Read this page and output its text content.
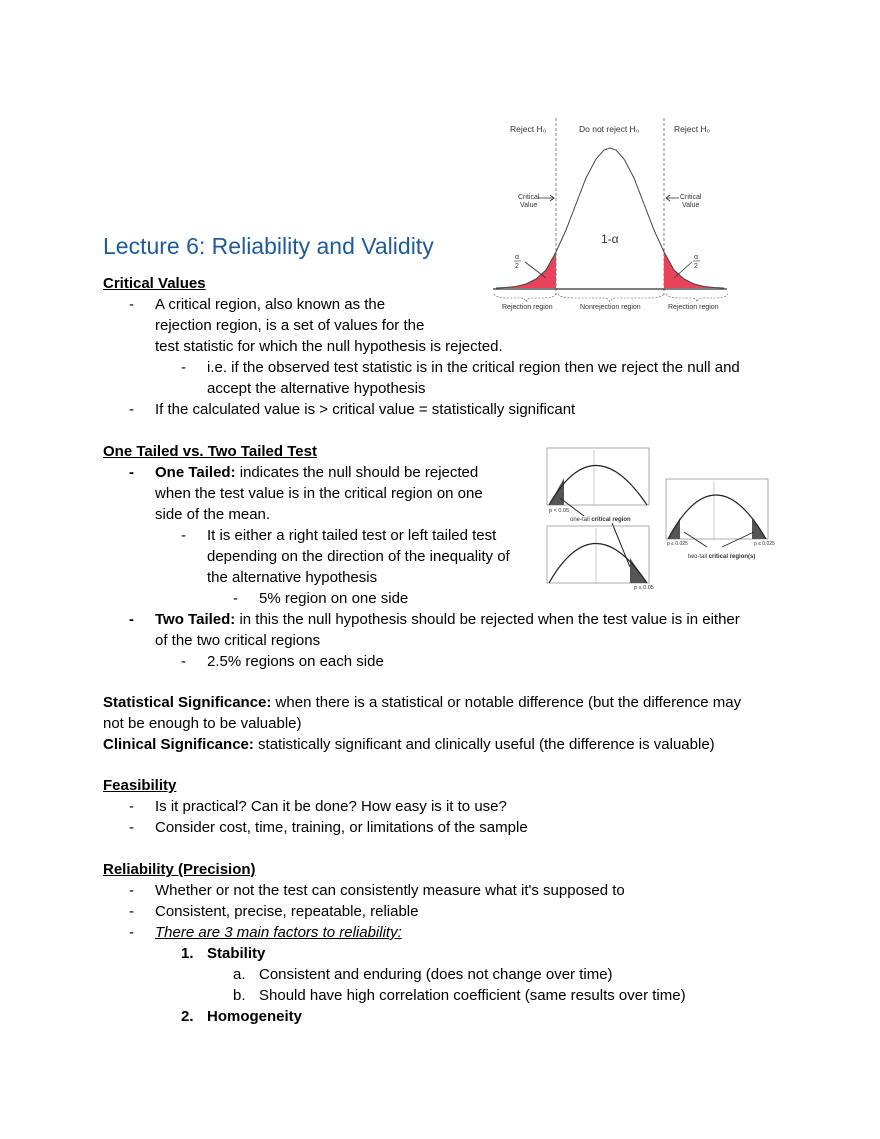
Lecture 6: Reliability and Validity
Reject H₀	Do not reject H₀	Reject H₀
Critical
Value
Critical
Value
1-α
α
2
α
2
Rejection region	Nonrejection region	Rejection region
p < 0.05
one-tail critical region
p ≤ 0.05
p ≤ 0.025	p ≤ 0.025
two-tail critical region(s)
Critical Values
- A critical region, also known as the
rejection region, is a set of values for the
test statistic for which the null hypothesis is rejected.
- i.e. if the observed test statistic is in the critical region then we reject the null and
accept the alternative hypothesis
- If the calculated value is > critical value = statistically significant
One Tailed vs. Two Tailed Test
- One Tailed: indicates the null should be rejected
when the test value is in the critical region on one
side of the mean.
- It is either a right tailed test or left tailed test
depending on the direction of the inequality of
the alternative hypothesis
- 5% region on one side
- Two Tailed: in this the null hypothesis should be rejected when the test value is in either
of the two critical regions
- 2.5% regions on each side
Statistical Significance: when there is a statistical or notable difference (but the difference may
not be enough to be valuable)
Clinical Significance: statistically significant and clinically useful (the difference is valuable)
Feasibility
- Is it practical? Can it be done? How easy is it to use?
- Consider cost, time, training, or limitations of the sample
Reliability (Precision)
- Whether or not the test can consistently measure what it's supposed to
- Consistent, precise, repeatable, reliable
- There are 3 main factors to reliability:
1. Stability
a. Consistent and enduring (does not change over time)
b. Should have high correlation coefficient (same results over time)
2. Homogeneity
